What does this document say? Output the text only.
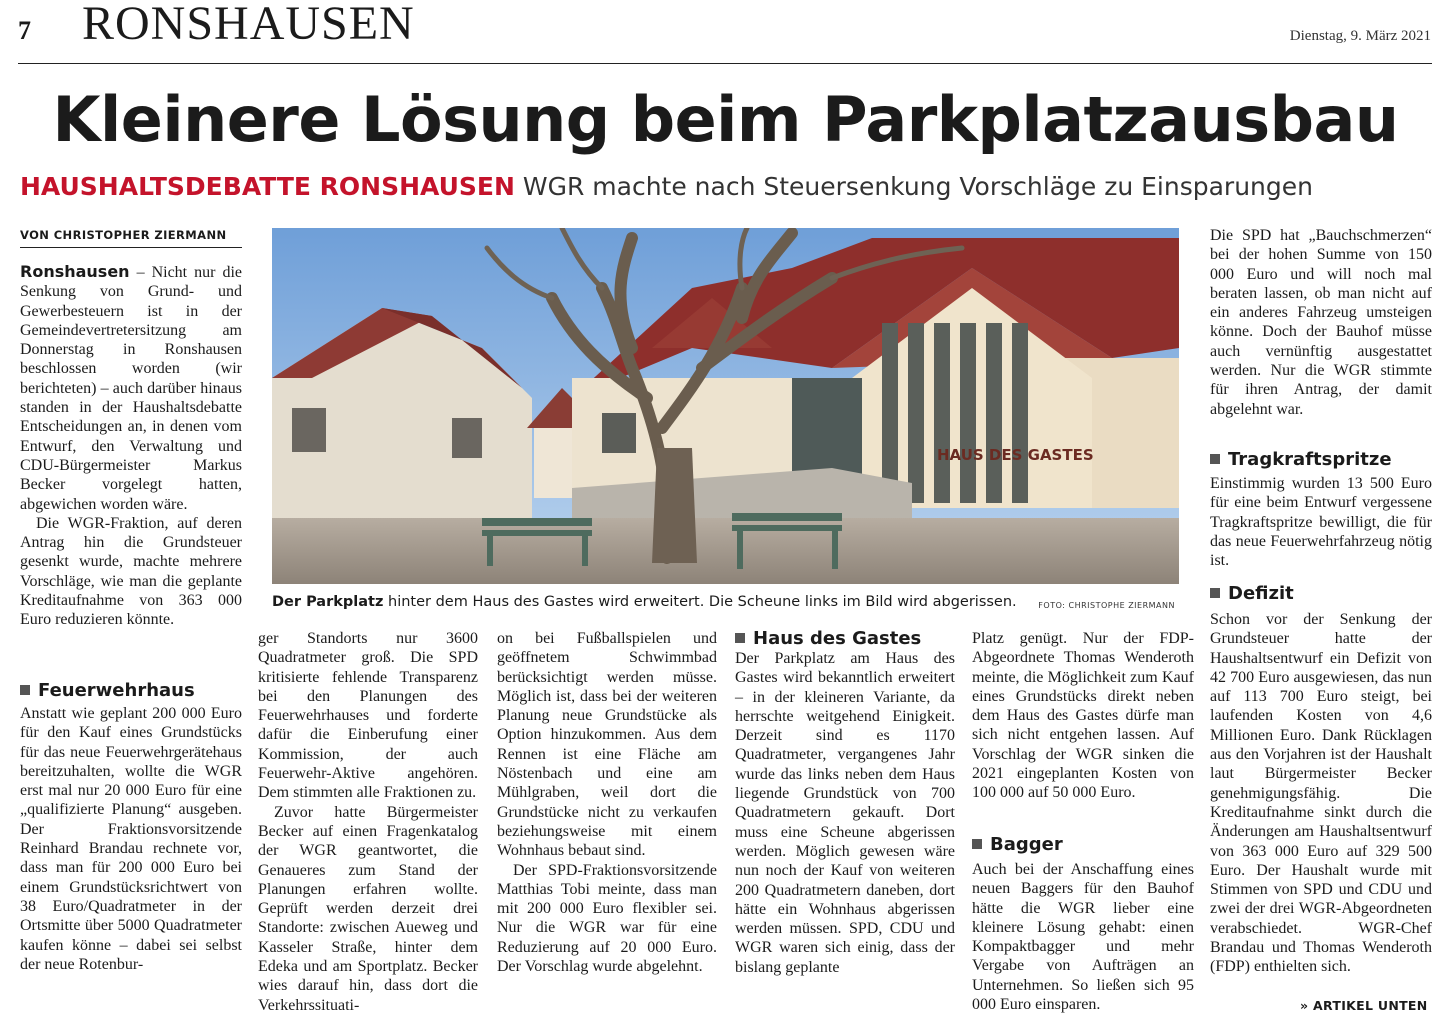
7 RONSHAUSEN	Dienstag, 9. März 2021
Kleinere Lösung beim Parkplatzausbau
HAUSHALTSDEBATTE RONSHAUSEN WGR machte nach Steuersenkung Vorschläge zu Einsparungen
VON CHRISTOPHER ZIERMANN

Ronshausen – Nicht nur die Senkung von Grund- und Gewerbesteuern ist in der Gemeindevertretersitzung am Donnerstag in Ronshausen beschlossen worden (wir berichteten) – auch darüber hinaus standen in der Haushaltsdebatte Entscheidungen an, in denen vom Entwurf, den Verwaltung und CDU-Bürgermeister Markus Becker vorgelegt hatten, abgewichen worden wäre.

Die WGR-Fraktion, auf deren Antrag hin die Grundsteuer gesenkt wurde, machte mehrere Vorschläge, wie man die geplante Kreditaufnahme von 363 000 Euro reduzieren könnte.

Feuerwehrhaus

Anstatt wie geplant 200 000 Euro für den Kauf eines Grundstücks für das neue Feuerwehrgerätehaus bereitzuhalten, wollte die WGR erst mal nur 20 000 Euro für eine „qualifizierte Planung“ ausgeben. Der Fraktionsvorsitzende Reinhard Brandau rechnete vor, dass man für 200 000 Euro bei einem Grundstücksrichtwert von 38 Euro/Quadratmeter in der Ortsmitte über 5000 Quadratmeter kaufen könne – dabei sei selbst der neue Rotenbur-

HAUS DES GASTES
Der Parkplatz hinter dem Haus des Gastes wird erweitert. Die Scheune links im Bild wird abgerissen.	FOTO: CHRISTOPHE ZIERMANN

ger Standorts nur 3600 Quadratmeter groß. Die SPD kritisierte fehlende Transparenz bei den Planungen des Feuerwehrhauses und forderte dafür die Einberufung einer Kommission, der auch Feuerwehr-Aktive angehören. Dem stimmten alle Fraktionen zu.

Zuvor hatte Bürgermeister Becker auf einen Fragenkatalog der WGR geantwortet, die Genaueres zum Stand der Planungen erfahren wollte. Geprüft werden derzeit drei Standorte: zwischen Aueweg und Kasseler Straße, hinter dem Edeka und am Sportplatz. Becker wies darauf hin, dass dort die Verkehrssituati-

on bei Fußballspielen und geöffnetem Schwimmbad berücksichtigt werden müsse. Möglich ist, dass bei der weiteren Planung neue Grundstücke als Option hinzukommen. Aus dem Rennen ist eine Fläche am Nöstenbach und eine am Mühlgraben, weil dort die Grundstücke nicht zu verkaufen beziehungsweise mit einem Wohnhaus bebaut sind.

Der SPD-Fraktionsvorsitzende Matthias Tobi meinte, dass man mit 200 000 Euro flexibler sei. Nur die WGR war für eine Reduzierung auf 20 000 Euro. Der Vorschlag wurde abgelehnt.

Haus des Gastes

Der Parkplatz am Haus des Gastes wird bekanntlich erweitert – in der kleineren Variante, da herrschte weitgehend Einigkeit. Derzeit sind es 1170 Quadratmeter, vergangenes Jahr wurde das links neben dem Haus liegende Grundstück von 700 Quadratmetern gekauft. Dort muss eine Scheune abgerissen werden. Möglich gewesen wäre nun noch der Kauf von weiteren 200 Quadratmetern daneben, dort hätte ein Wohnhaus abgerissen werden müssen. SPD, CDU und WGR waren sich einig, dass der bislang geplante

Platz genügt. Nur der FDP-Abgeordnete Thomas Wenderoth meinte, die Möglichkeit zum Kauf eines Grundstücks direkt neben dem Haus des Gastes dürfe man sich nicht entgehen lassen. Auf Vorschlag der WGR sinken die 2021 eingeplanten Kosten von 100 000 auf 50 000 Euro.

Bagger

Auch bei der Anschaffung eines neuen Baggers für den Bauhof hätte die WGR lieber eine kleinere Lösung gehabt: einen Kompaktbagger und mehr Vergabe von Aufträgen an Unternehmen. So ließen sich 95 000 Euro einsparen.

Die SPD hat „Bauchschmerzen“ bei der hohen Summe von 150 000 Euro und will noch mal beraten lassen, ob man nicht auf ein anderes Fahrzeug umsteigen könne. Doch der Bauhof müsse auch vernünftig ausgestattet werden. Nur die WGR stimmte für ihren Antrag, der damit abgelehnt war.

Tragkraftspritze

Einstimmig wurden 13 500 Euro für eine beim Entwurf vergessene Tragkraftspritze bewilligt, die für das neue Feuerwehrfahrzeug nötig ist.

Defizit

Schon vor der Senkung der Grundsteuer hatte der Haushaltsentwurf ein Defizit von 42 700 Euro ausgewiesen, das nun auf 113 700 Euro steigt, bei laufenden Kosten von 4,6 Millionen Euro. Dank Rücklagen aus den Vorjahren ist der Haushalt laut Bürgermeister Becker genehmigungsfähig. Die Kreditaufnahme sinkt durch die Änderungen am Haushaltsentwurf von 363 000 Euro auf 329 500 Euro. Der Haushalt wurde mit Stimmen von SPD und CDU und zwei der drei WGR-Abgeordneten verabschiedet. WGR-Chef Brandau und Thomas Wenderoth (FDP) enthielten sich.

» ARTIKEL UNTEN
